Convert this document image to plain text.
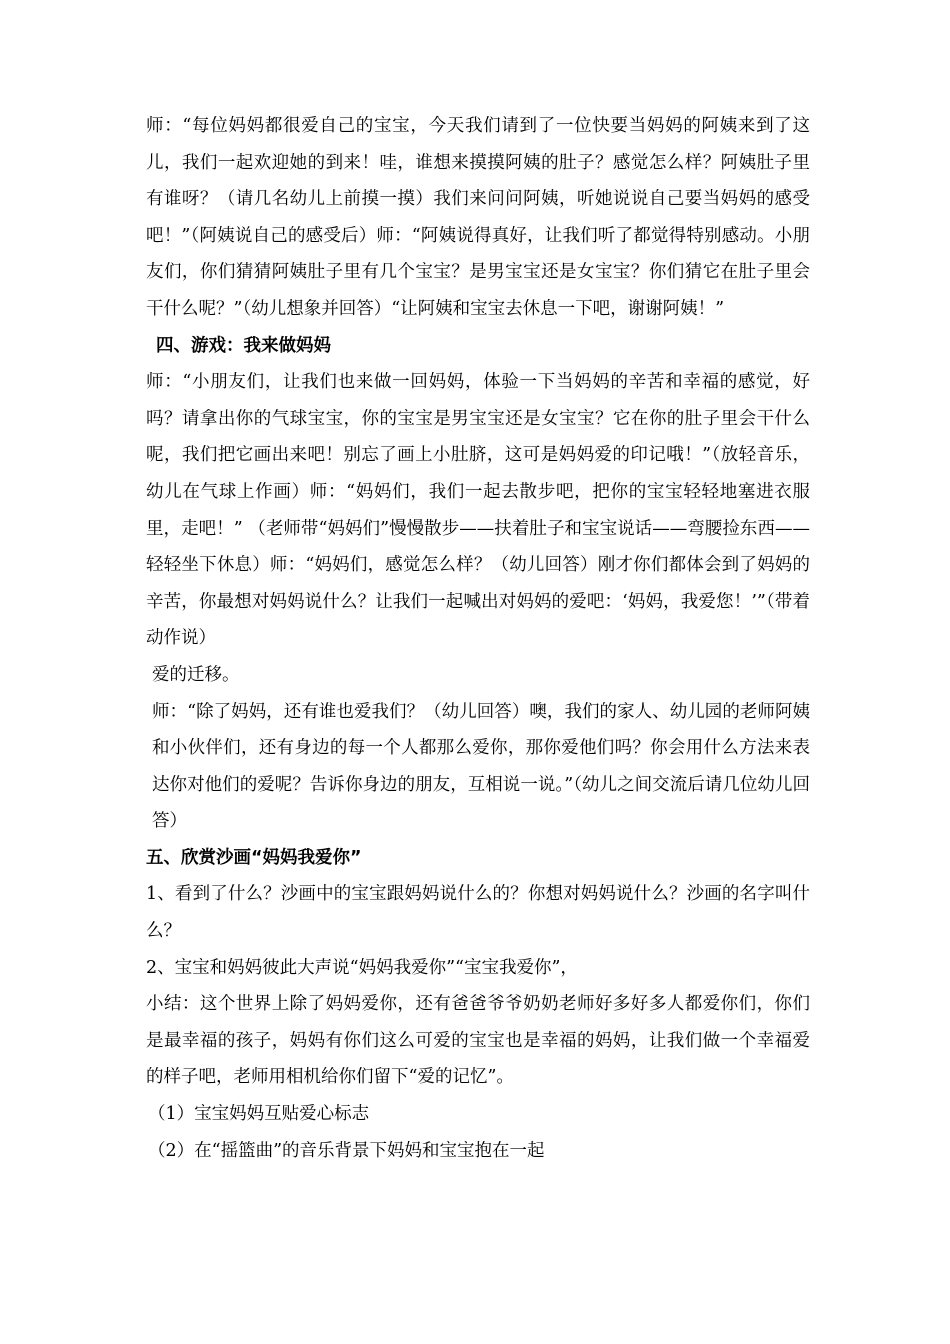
师：“每位妈妈都很爱自己的宝宝，今天我们请到了一位快要当妈妈的阿姨来到了这儿，我们一起欢迎她的到来！哇，谁想来摸摸阿姨的肚子？感觉怎么样？阿姨肚子里有谁呀？（请几名幼儿上前摸一摸）我们来问问阿姨，听她说说自己要当妈妈的感受吧！”（阿姨说自己的感受后）师：“阿姨说得真好，让我们听了都觉得特别感动。小朋友们，你们猜猜阿姨肚子里有几个宝宝？是男宝宝还是女宝宝？你们猜它在肚子里会干什么呢？”（幼儿想象并回答）“让阿姨和宝宝去休息一下吧，谢谢阿姨！”

四、游戏：我来做妈妈

师：“小朋友们，让我们也来做一回妈妈，体验一下当妈妈的辛苦和幸福的感觉，好吗？请拿出你的气球宝宝，你的宝宝是男宝宝还是女宝宝？它在你的肚子里会干什么呢，我们把它画出来吧！别忘了画上小肚脐，这可是妈妈爱的印记哦！”（放轻音乐，幼儿在气球上作画）师：“妈妈们，我们一起去散步吧，把你的宝宝轻轻地塞进衣服里，走吧！” （老师带“妈妈们”慢慢散步——扶着肚子和宝宝说话——弯腰捡东西——轻轻坐下休息）师：“妈妈们，感觉怎么样？（幼儿回答）刚才你们都体会到了妈妈的辛苦，你最想对妈妈说什么？让我们一起喊出对妈妈的爱吧：‘妈妈，我爱您！’”（带着动作说）

爱的迁移。

师：“除了妈妈，还有谁也爱我们？（幼儿回答）噢，我们的家人、幼儿园的老师阿姨和小伙伴们，还有身边的每一个人都那么爱你，那你爱他们吗？你会用什么方法来表达你对他们的爱呢？告诉你身边的朋友，互相说一说。”（幼儿之间交流后请几位幼儿回答）

五、欣赏沙画“妈妈我爱你”

1、看到了什么？沙画中的宝宝跟妈妈说什么的？你想对妈妈说什么？沙画的名字叫什么？

2、宝宝和妈妈彼此大声说“妈妈我爱你”“宝宝我爱你”，

小结：这个世界上除了妈妈爱你，还有爸爸爷爷奶奶老师好多好多人都爱你们，你们是最幸福的孩子，妈妈有你们这么可爱的宝宝也是幸福的妈妈，让我们做一个幸福爱的样子吧，老师用相机给你们留下“爱的记忆”。

（1）宝宝妈妈互贴爱心标志

（2）在“摇篮曲”的音乐背景下妈妈和宝宝抱在一起
